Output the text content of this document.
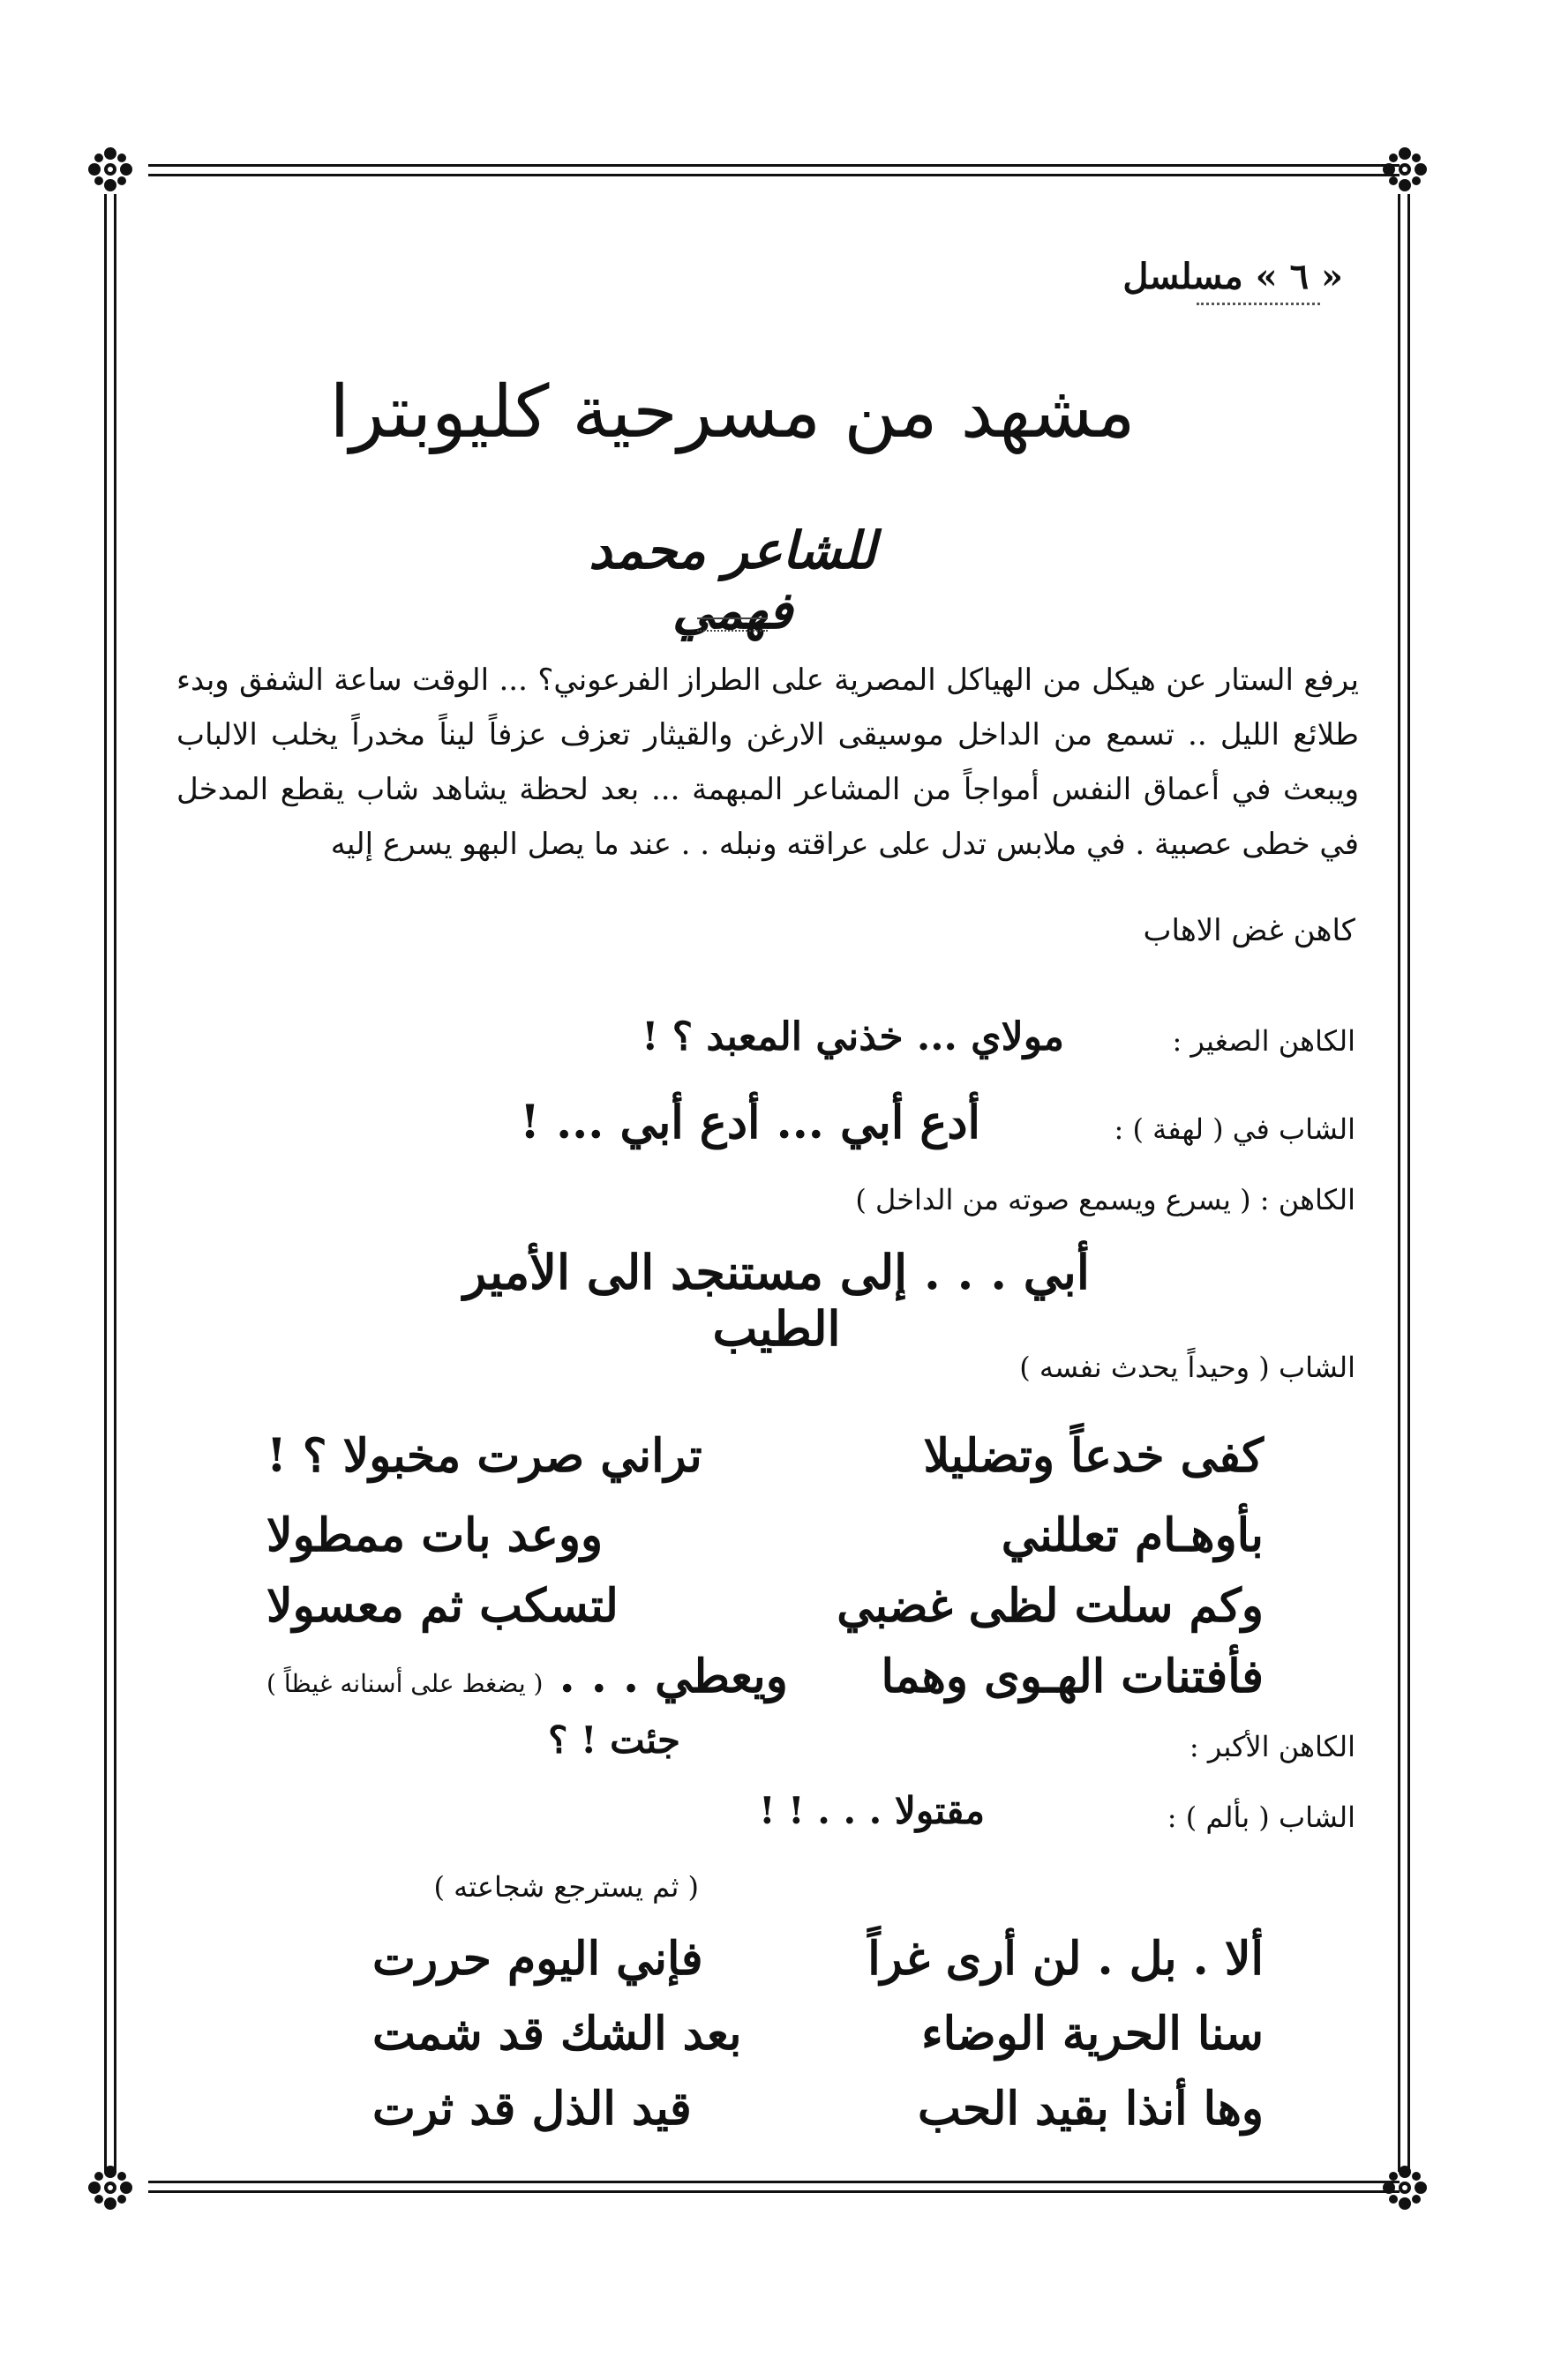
« ٦ » مسلسل
مشهد من مسرحية كليوبترا
للشاعر محمد فهمي
يرفع الستار عن هيكل من الهياكل المصرية على الطراز الفرعوني؟ ... الوقت ساعة الشفق وبدء طلائع الليل .. تسمع من الداخل موسيقى الارغن والقيثار تعزف عزفاً ليناً مخدراً يخلب الالباب ويبعث في أعماق النفس أمواجاً من المشاعر المبهمة ... بعد لحظة يشاهد شاب يقطع المدخل في خطى عصبية . في ملابس تدل على عراقته ونبله . . عند ما يصل البهو يسرع إليه
كاهن غض الاهاب
الكاهن الصغير :
مولاي ... خذني المعبد ؟ !
الشاب في ( لهفة ) :
أدع أبي ... أدع أبي ... !
الكاهن : ( يسرع ويسمع صوته من الداخل )
أبي . . . إلى مستنجد الى الأمير الطيب
الشاب ( وحيداً يحدث نفسه )
كفى خدعاً وتضليلا
تراني صرت مخبولا ؟ !
بأوهـام تعللني
ووعد بات ممطولا
وكم سلت لظى غضبي
لتسكب ثم معسولا
فأفتنات الهـوى وهما
ويعطي . . . ( يضغط على أسنانه غيظاً )
الكاهن الأكبر :
جئت ! ؟
الشاب ( بألم ) :
مقتولا . . . ! !
( ثم يسترجع شجاعته )
ألا . بل . لن أرى غراً
فإني اليوم حررت
سنا الحرية الوضاء
بعد الشك قد شمت
وها أنذا بقيد الحب
قيد الذل قد ثرت
